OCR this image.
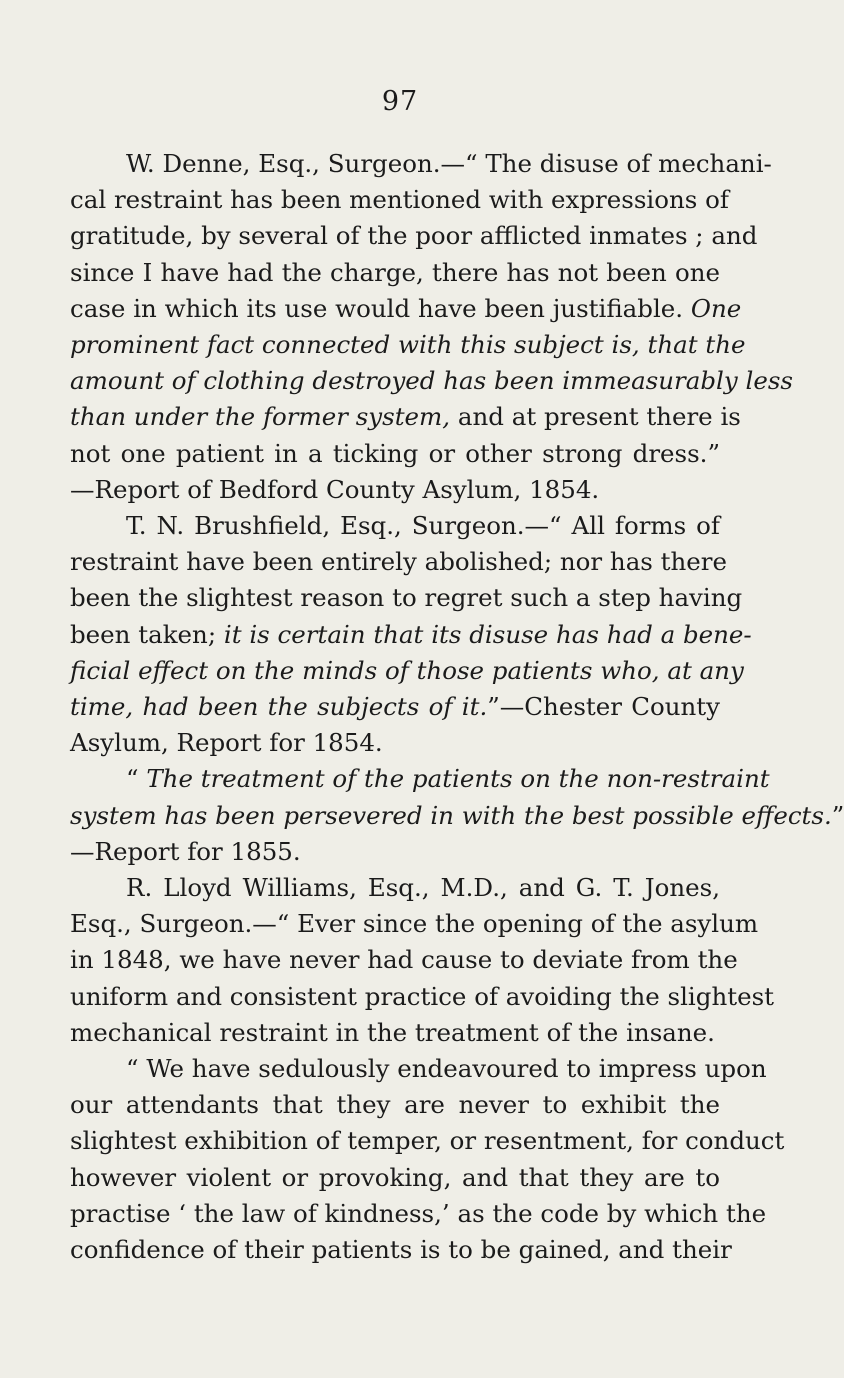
97
W. Denne, Esq., Surgeon.—“ The disuse of mechani-
cal restraint has been mentioned with expressions of
gratitude, by several of the poor afflicted inmates ; and
since I have had the charge, there has not been one
case in which its use would have been justifiable. One
prominent fact connected with this subject is, that the
amount of clothing destroyed has been immeasurably less
than under the former system, and at present there is
not one patient in a ticking or other strong dress.”
—Report of Bedford County Asylum, 1854.
T. N. Brushfield, Esq., Surgeon.—“ All forms of
restraint have been entirely abolished; nor has there
been the slightest reason to regret such a step having
been taken; it is certain that its disuse has had a bene-
ficial effect on the minds of those patients who, at any
time, had been the subjects of it.”—Chester County
Asylum, Report for 1854.
“ The treatment of the patients on the non-restraint
system has been persevered in with the best possible effects.”
—Report for 1855.
R. Lloyd Williams, Esq., M.D., and G. T. Jones,
Esq., Surgeon.—“ Ever since the opening of the asylum
in 1848, we have never had cause to deviate from the
uniform and consistent practice of avoiding the slightest
mechanical restraint in the treatment of the insane.
“ We have sedulously endeavoured to impress upon
our attendants that they are never to exhibit the
slightest exhibition of temper, or resentment, for conduct
however violent or provoking, and that they are to
practise ‘ the law of kindness,’ as the code by which the
confidence of their patients is to be gained, and their
